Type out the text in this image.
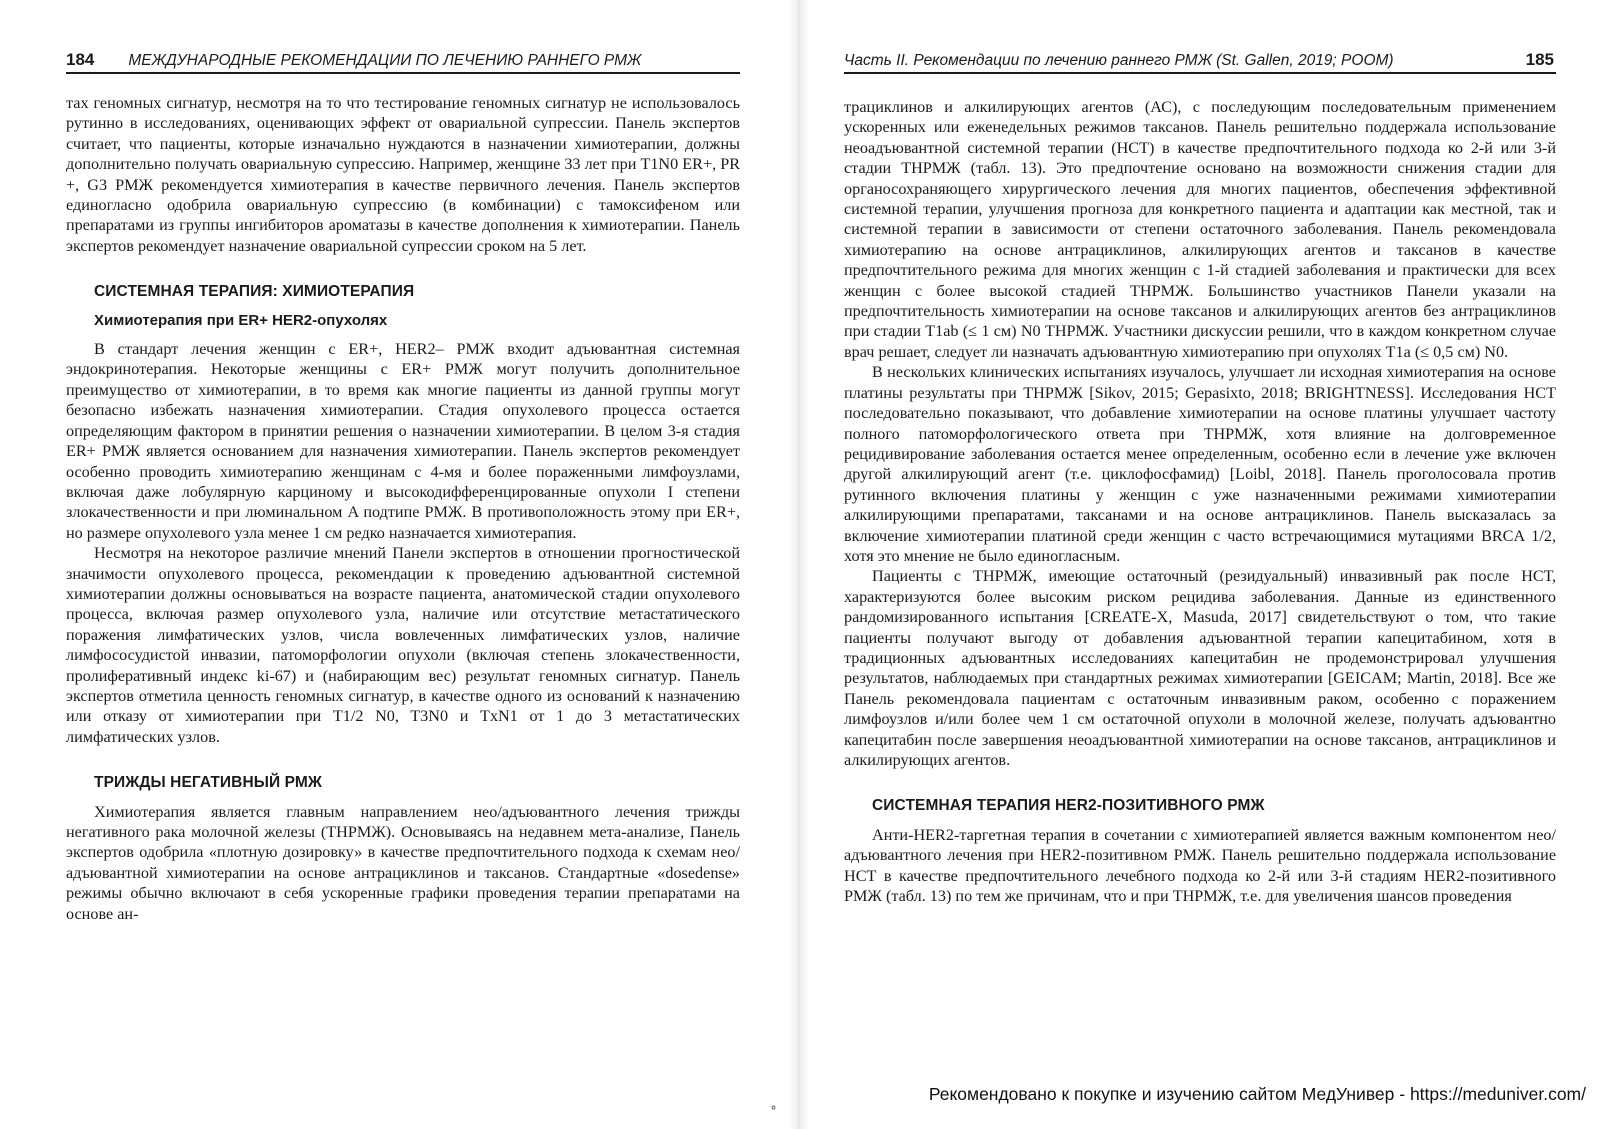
184 МЕЖДУНАРОДНЫЕ РЕКОМЕНДАЦИИ ПО ЛЕЧЕНИЮ РАННЕГО РМЖ

тах геномных сигнатур, несмотря на то что тестирование геномных сигнатур не использовалось рутинно в исследованиях, оценивающих эффект от овариальной супрессии. Панель экспертов считает, что пациенты, которые изначально нуждаются в назначении химиотерапии, должны дополнительно получать овариальную супрессию. Например, женщине 33 лет при T1N0 ER+, PR +, G3 РМЖ рекомендуется химиотерапия в качестве первичного лечения. Панель экспертов единогласно одобрила овариальную супрессию (в комбинации) с тамоксифеном или препаратами из группы ингибиторов ароматазы в качестве дополнения к химиотерапии. Панель экспертов рекомендует назначение овариальной супрессии сроком на 5 лет.

СИСТЕМНАЯ ТЕРАПИЯ: ХИМИОТЕРАПИЯ
Химиотерапия при ER+ HER2-опухолях

В стандарт лечения женщин с ER+, HER2– РМЖ входит адъювантная системная эндокринотерапия. Некоторые женщины с ER+ РМЖ могут получить дополнительное преимущество от химиотерапии, в то время как многие пациенты из данной группы могут безопасно избежать назначения химиотерапии. Стадия опухолевого процесса остается определяющим фактором в принятии решения о назначении химиотерапии. В целом 3-я стадия ER+ РМЖ является основанием для назначения химиотерапии. Панель экспертов рекомендует особенно проводить химиотерапию женщинам с 4-мя и более пораженными лимфоузлами, включая даже лобулярную карциному и высокодифференцированные опухоли I степени злокачественности и при люминальном A подтипе РМЖ. В противоположность этому при ER+, но размере опухолевого узла менее 1 см редко назначается химиотерапия.

Несмотря на некоторое различие мнений Панели экспертов в отношении прогностической значимости опухолевого процесса, рекомендации к проведению адъювантной системной химиотерапии должны основываться на возрасте пациента, анатомической стадии опухолевого процесса, включая размер опухолевого узла, наличие или отсутствие метастатического поражения лимфатических узлов, числа вовлеченных лимфатических узлов, наличие лимфососудистой инвазии, патоморфологии опухоли (включая степень злокачественности, пролиферативный индекс ki-67) и (набирающим вес) результат геномных сигнатур. Панель экспертов отметила ценность геномных сигнатур, в качестве одного из оснований к назначению или отказу от химиотерапии при T1/2 N0, T3N0 и TxN1 от 1 до 3 метастатических лимфатических узлов.

ТРИЖДЫ НЕГАТИВНЫЙ РМЖ

Химиотерапия является главным направлением нео/адъювантного лечения трижды негативного рака молочной железы (ТНРМЖ). Основываясь на недавнем мета-анализе, Панель экспертов одобрила «плотную дозировку» в качестве предпочтительного подхода к схемам нео/адъювантной химиотерапии на основе антрациклинов и таксанов. Стандартные «dosedense» режимы обычно включают в себя ускоренные графики проведения терапии препаратами на основе ан-

Часть II. Рекомендации по лечению раннего РМЖ (St. Gallen, 2019; РООМ)	185

трациклинов и алкилирующих агентов (АС), с последующим последовательным применением ускоренных или еженедельных режимов таксанов. Панель решительно поддержала использование неоадъювантной системной терапии (НСТ) в качестве предпочтительного подхода ко 2-й или 3-й стадии ТНРМЖ (табл. 13). Это предпочтение основано на возможности снижения стадии для органосохраняющего хирургического лечения для многих пациентов, обеспечения эффективной системной терапии, улучшения прогноза для конкретного пациента и адаптации как местной, так и системной терапии в зависимости от степени остаточного заболевания. Панель рекомендовала химиотерапию на основе антрациклинов, алкилирующих агентов и таксанов в качестве предпочтительного режима для многих женщин с 1-й стадией заболевания и практически для всех женщин с более высокой стадией ТНРМЖ. Большинство участников Панели указали на предпочтительность химиотерапии на основе таксанов и алкилирующих агентов без антрациклинов при стадии T1ab (≤ 1 см) N0 ТНРМЖ. Участники дискуссии решили, что в каждом конкретном случае врач решает, следует ли назначать адъювантную химиотерапию при опухолях T1a (≤ 0,5 см) N0.

В нескольких клинических испытаниях изучалось, улучшает ли исходная химиотерапия на основе платины результаты при ТНРМЖ [Sikov, 2015; Gepasixto, 2018; BRIGHTNESS]. Исследования НСТ последовательно показывают, что добавление химиотерапии на основе платины улучшает частоту полного патоморфологического ответа при ТНРМЖ, хотя влияние на долговременное рецидивирование заболевания остается менее определенным, особенно если в лечение уже включен другой алкилирующий агент (т.е. циклофосфамид) [Loibl, 2018]. Панель проголосовала против рутинного включения платины у женщин с уже назначенными режимами химиотерапии алкилирующими препаратами, таксанами и на основе антрациклинов. Панель высказалась за включение химиотерапии платиной среди женщин с часто встречающимися мутациями BRCA 1/2, хотя это мнение не было единогласным.

Пациенты с ТНРМЖ, имеющие остаточный (резидуальный) инвазивный рак после НСТ, характеризуются более высоким риском рецидива заболевания. Данные из единственного рандомизированного испытания [CREATE-X, Masuda, 2017] свидетельствуют о том, что такие пациенты получают выгоду от добавления адъювантной терапии капецитабином, хотя в традиционных адъювантных исследованиях капецитабин не продемонстрировал улучшения результатов, наблюдаемых при стандартных режимах химиотерапии [GEICAM; Martin, 2018]. Все же Панель рекомендовала пациентам с остаточным инвазивным раком, особенно с поражением лимфоузлов и/или более чем 1 см остаточной опухоли в молочной железе, получать адъювантно капецитабин после завершения неоадъювантной химиотерапии на основе таксанов, антрациклинов и алкилирующих агентов.

СИСТЕМНАЯ ТЕРАПИЯ HER2-ПОЗИТИВНОГО РМЖ

Анти-HER2-таргетная терапия в сочетании с химиотерапией является важным компонентом нео/адъювантного лечения при HER2-позитивном РМЖ. Панель решительно поддержала использование НСТ в качестве предпочтительного лечебного подхода ко 2-й или 3-й стадиям HER2-позитивного РМЖ (табл. 13) по тем же причинам, что и при ТНРМЖ, т.е. для увеличения шансов проведения

˳	Рекомендовано к покупке и изучению сайтом МедУнивер - https://meduniver.com/
